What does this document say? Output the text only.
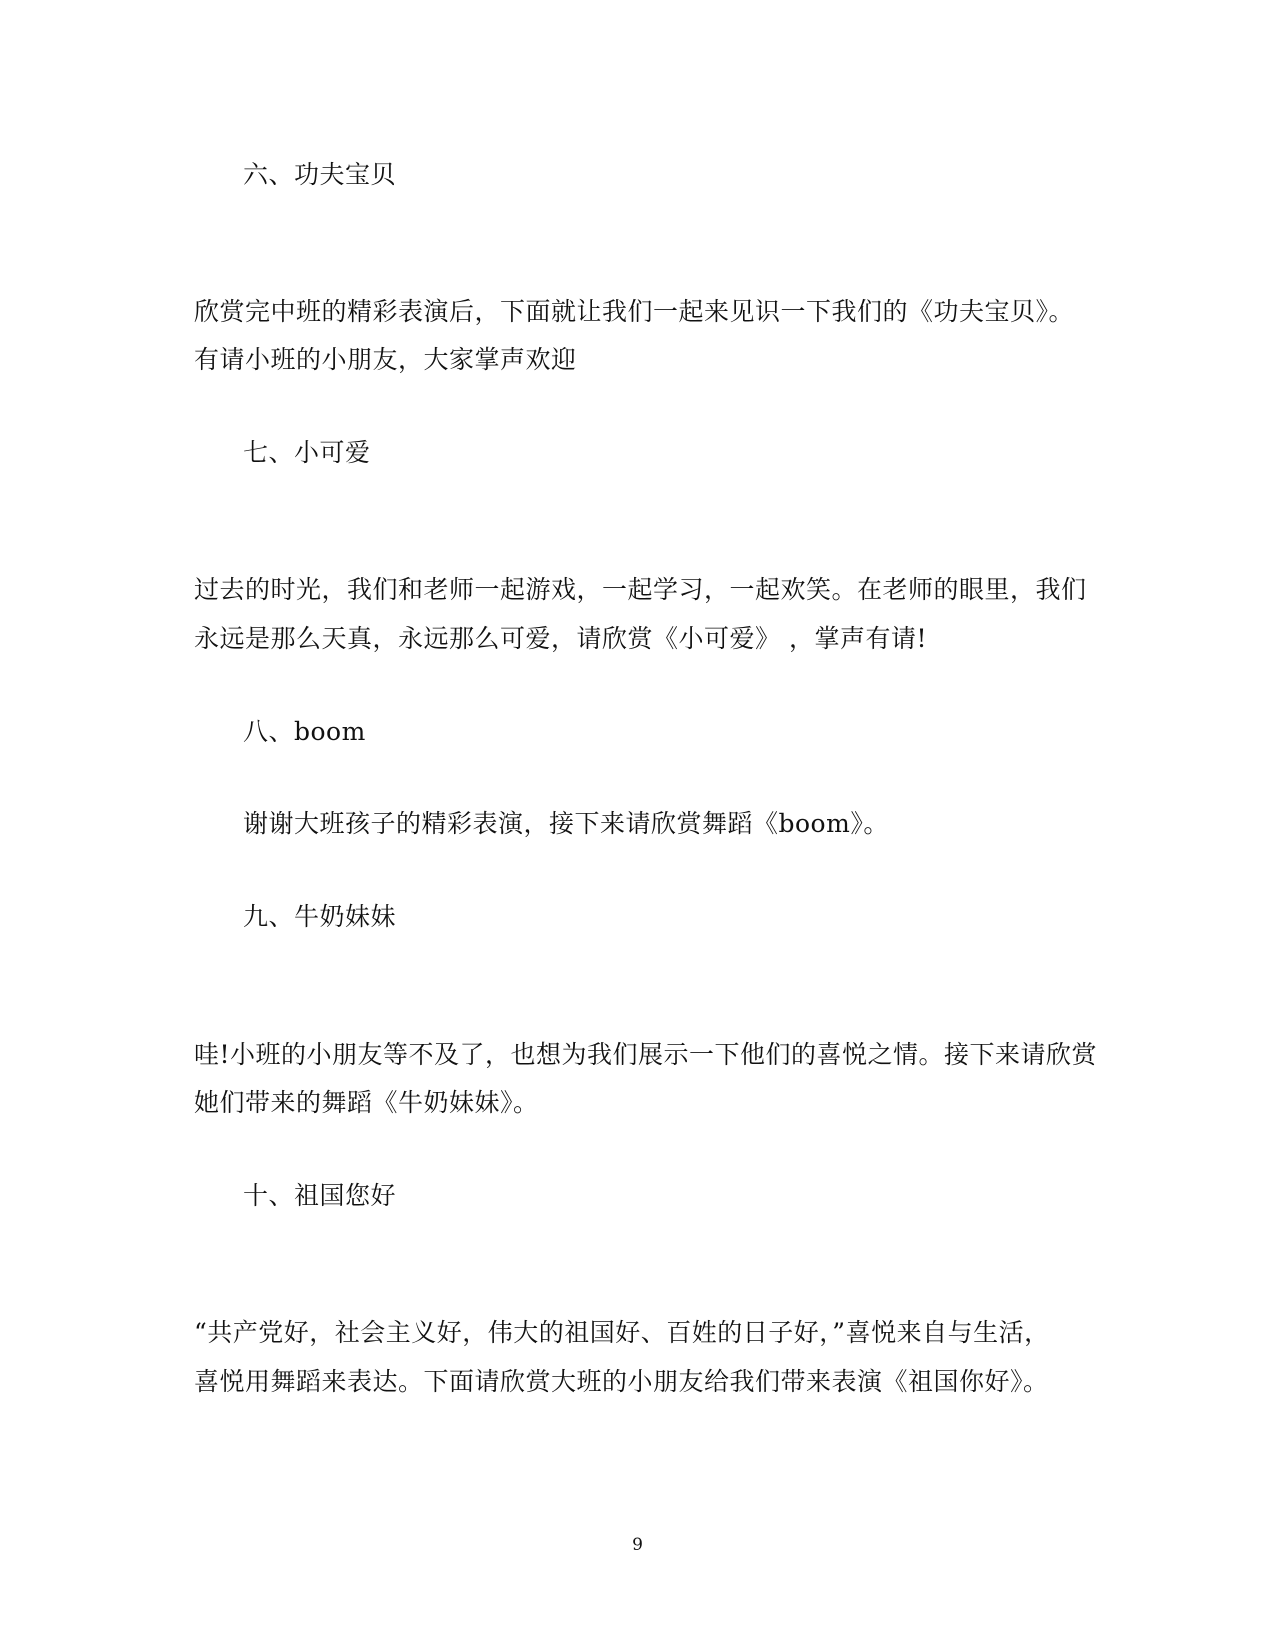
六、功夫宝贝
欣赏完中班的精彩表演后，下面就让我们一起来见识一下我们的《功夫宝贝》。
有请小班的小朋友，大家掌声欢迎
七、小可爱
过去的时光，我们和老师一起游戏，一起学习，一起欢笑。在老师的眼里，我们
永远是那么天真，永远那么可爱，请欣赏《小可爱》 ，掌声有请!
八、boom
谢谢大班孩子的精彩表演，接下来请欣赏舞蹈《boom》。
九、牛奶妹妹
哇!小班的小朋友等不及了，也想为我们展示一下他们的喜悦之情。接下来请欣赏
她们带来的舞蹈《牛奶妹妹》。
十、祖国您好
“共产党好，社会主义好，伟大的祖国好、百姓的日子好，”喜悦来自与生活，
喜悦用舞蹈来表达。下面请欣赏大班的小朋友给我们带来表演《祖国你好》。
9
